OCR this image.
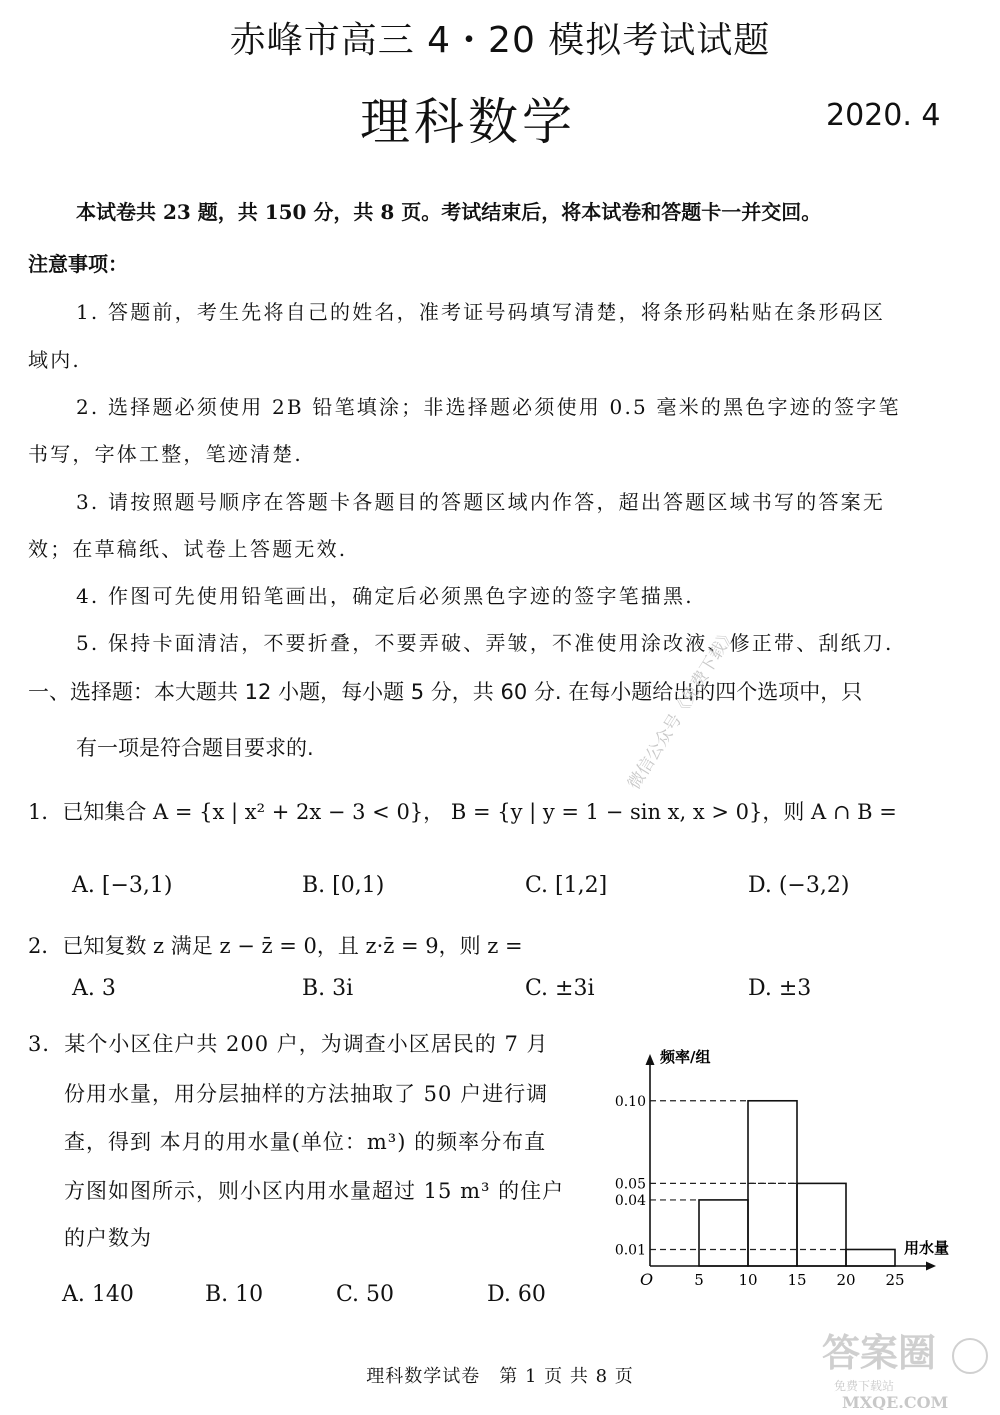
赤峰市高三 4・20 模拟考试试题
理科数学	2020. 4
本试卷共 23 题，共 150 分，共 8 页。考试结束后，将本试卷和答题卡一并交回。
注意事项：
1. 答题前，考生先将自己的姓名，准考证号码填写清楚，将条形码粘贴在条形码区
域内.
2. 选择题必须使用 2B 铅笔填涂；非选择题必须使用 0.5 毫米的黑色字迹的签字笔
书写，字体工整，笔迹清楚.
3. 请按照题号顺序在答题卡各题目的答题区域内作答，超出答题区域书写的答案无
效；在草稿纸、试卷上答题无效.
4. 作图可先使用铅笔画出，确定后必须黑色字迹的签字笔描黑.
5. 保持卡面清洁，不要折叠，不要弄破、弄皱，不准使用涂改液、修正带、刮纸刀.
一、选择题：本大题共 12 小题，每小题 5 分，共 60 分. 在每小题给出的四个选项中，只
有一项是符合题目要求的.	微信公众号《免费下载》
1．已知集合 A = {x | x² + 2x − 3 < 0}， B = {y | y = 1 − sin x, x > 0}，则 A ∩ B =
A. [−3,1)	B. [0,1)	C. [1,2]	D. (−3,2)
2．已知复数 z 满足 z − z̄ = 0，且 z·z̄ = 9，则 z =
A. 3	B. 3i	C. ±3i	D. ±3
3．某个小区住户共 200 户，为调查小区居民的 7 月
份用水量，用分层抽样的方法抽取了 50 户进行调
查，得到 本月的用水量(单位：m³) 的频率分布直
方图如图所示，则小区内用水量超过 15 m³ 的住户
的户数为
A. 140	B. 10	C. 50	D. 60
频率/组
用水量
O	5 10 15 20 25
0.10
0.05
0.04
0.01
理科数学试卷　第 1 页 共 8 页
答案圈
免费下载站
MXQE.COM
